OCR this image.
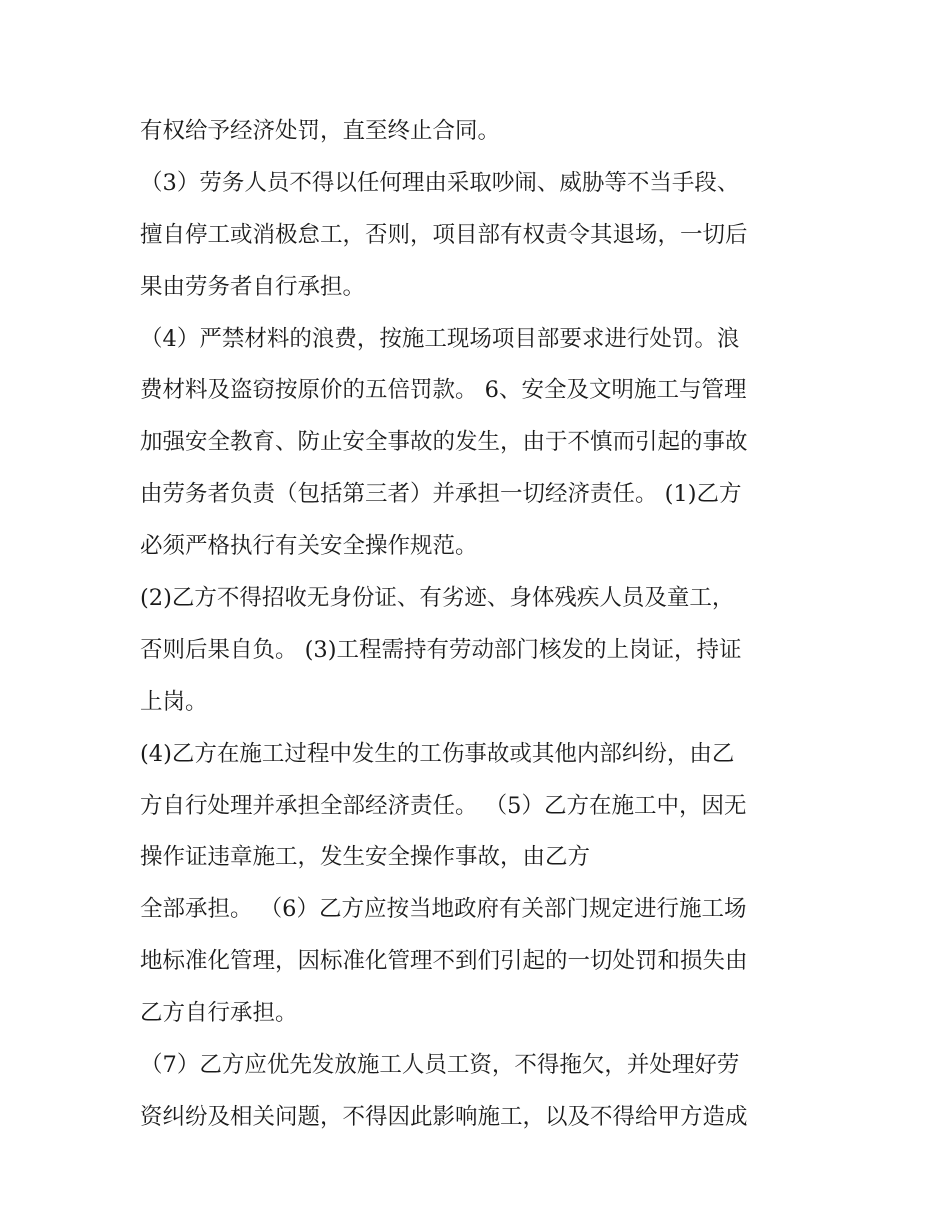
有权给予经济处罚，直至终止合同。
（3）劳务人员不得以任何理由采取吵闹、威胁等不当手段、
擅自停工或消极怠工，否则，项目部有权责令其退场，一切后
果由劳务者自行承担。
（4）严禁材料的浪费，按施工现场项目部要求进行处罚。浪
费材料及盗窃按原价的五倍罚款。 6、安全及文明施工与管理
加强安全教育、防止安全事故的发生，由于不慎而引起的事故
由劳务者负责（包括第三者）并承担一切经济责任。 (1)乙方
必须严格执行有关安全操作规范。
(2)乙方不得招收无身份证、有劣迹、身体残疾人员及童工，
否则后果自负。 (3)工程需持有劳动部门核发的上岗证，持证
上岗。
(4)乙方在施工过程中发生的工伤事故或其他内部纠纷，由乙
方自行处理并承担全部经济责任。 （5）乙方在施工中，因无
操作证违章施工，发生安全操作事故，由乙方
全部承担。 （6）乙方应按当地政府有关部门规定进行施工场
地标准化管理，因标准化管理不到们引起的一切处罚和损失由
乙方自行承担。
（7）乙方应优先发放施工人员工资，不得拖欠，并处理好劳
资纠纷及相关问题，不得因此影响施工，以及不得给甲方造成
